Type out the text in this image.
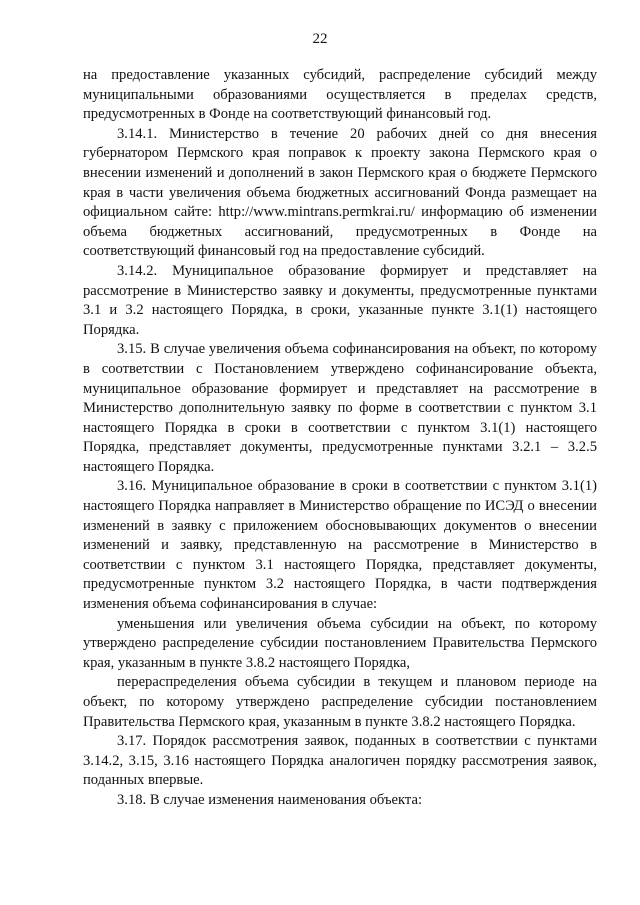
22

на предоставление указанных субсидий, распределение субсидий между муниципальными образованиями осуществляется в пределах средств, предусмотренных в Фонде на соответствующий финансовый год.

3.14.1. Министерство в течение 20 рабочих дней со дня внесения губернатором Пермского края поправок к проекту закона Пермского края о внесении изменений и дополнений в закон Пермского края о бюджете Пермского края в части увеличения объема бюджетных ассигнований Фонда размещает на официальном сайте: http://www.mintrans.permkrai.ru/ информацию об изменении объема бюджетных ассигнований, предусмотренных в Фонде на соответствующий финансовый год на предоставление субсидий.

3.14.2. Муниципальное образование формирует и представляет на рассмотрение в Министерство заявку и документы, предусмотренные пунктами 3.1 и 3.2 настоящего Порядка, в сроки, указанные пункте 3.1(1) настоящего Порядка.

3.15. В случае увеличения объема софинансирования на объект, по которому в соответствии с Постановлением утверждено софинансирование объекта, муниципальное образование формирует и представляет на рассмотрение в Министерство дополнительную заявку по форме в соответствии с пунктом 3.1 настоящего Порядка в сроки в соответствии с пунктом 3.1(1) настоящего Порядка, представляет документы, предусмотренные пунктами 3.2.1 – 3.2.5 настоящего Порядка.

3.16. Муниципальное образование в сроки в соответствии с пунктом 3.1(1) настоящего Порядка направляет в Министерство обращение по ИСЭД о внесении изменений в заявку с приложением обосновывающих документов о внесении изменений и заявку, представленную на рассмотрение в Министерство в соответствии с пунктом 3.1 настоящего Порядка, представляет документы, предусмотренные пунктом 3.2 настоящего Порядка, в части подтверждения изменения объема софинансирования в случае:

уменьшения или увеличения объема субсидии на объект, по которому утверждено распределение субсидии постановлением Правительства Пермского края, указанным в пункте 3.8.2 настоящего Порядка,

перераспределения объема субсидии в текущем и плановом периоде на объект, по которому утверждено распределение субсидии постановлением Правительства Пермского края, указанным в пункте 3.8.2 настоящего Порядка.

3.17. Порядок рассмотрения заявок, поданных в соответствии с пунктами 3.14.2, 3.15, 3.16 настоящего Порядка аналогичен порядку рассмотрения заявок, поданных впервые.

3.18. В случае изменения наименования объекта:
